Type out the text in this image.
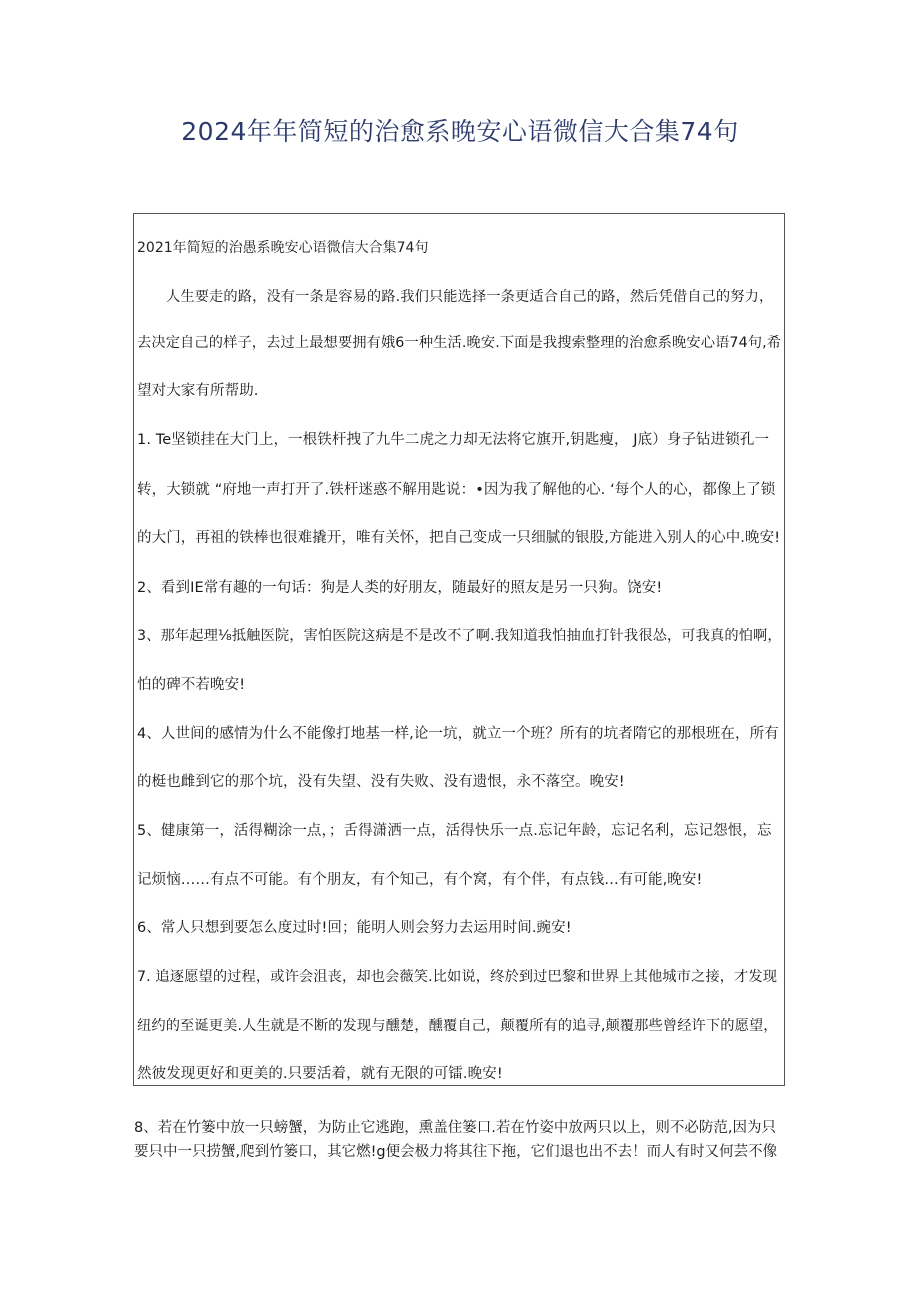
2024年年简短的治愈系晚安心语微信大合集74句
2021年简短的治愚系晚安心语微信大合集74句
人生要走的路，没有一条是容易的路.我们只能选择一条更适合自己的路，然后凭借自己的努力，
去决定自己的样子，去过上最想要拥有娥6一种生活.晚安.下面是我搜索整理的治愈系晚安心语74句,希
望对大家有所帮助.
1. Te坚锁挂在大门上，一根铁杆拽了九牛二虎之力却无法将它旗开,钥匙瘦， J底）身子钻进锁孔一
转，大锁就 “府地一声打开了.铁杆迷惑不解用匙说：•因为我了解他的心. ‘每个人的心，都像上了锁
的大门，再祖的铁棒也很难撬开，唯有关怀，把自己变成一只细腻的银股,方能进入别人的心中.晚安!
2、看到IE常有趣的一句话：狗是人类的好朋友，随最好的照友是另一只狗。饶安!
3、那年起理⅛抵触医院，害怕医院这病是不是改不了啊.我知道我怕抽血打针我很怂，可我真的怕啊，
怕的碑不若晚安!
4、人世间的感情为什么不能像打地基一样,论一坑，就立一个班？所有的坑者隋它的那根班在，所有
的梃也雌到它的那个坑，没有失望、没有失败、没有遗恨，永不落空。晚安!
5、健康第一，活得糊涂一点，；舌得潇洒一点，活得快乐一点.忘记年龄，忘记名利，忘记怨恨，忘
记烦恼……有点不可能。有个朋友，有个知己，有个窝，有个伴，有点钱…有可能,晚安!
6、常人只想到要怎么度过时!回；能明人则会努力去运用时间.豌安!
7. 追逐愿望的过程，或许会沮丧，却也会薇笑.比如说，终於到过巴黎和世界上其他城市之接，才发现
纽约的至诞更美.人生就是不断的发现与醺楚，醺覆自己，颠覆所有的追寻,颠覆那些曾经许下的愿望，
然彼发现更好和更美的.只要活着，就有无限的可镭.晚安!
8、若在竹篓中放一只螃蟹，为防止它逃跑，熏盖住篓口.若在竹姿中放两只以上，则不必防范,因为只
要只中一只捞蟹,爬到竹篓口，其它燃!g便会极力将其往下拖，它们退也出不去！而人有时又何芸不像
